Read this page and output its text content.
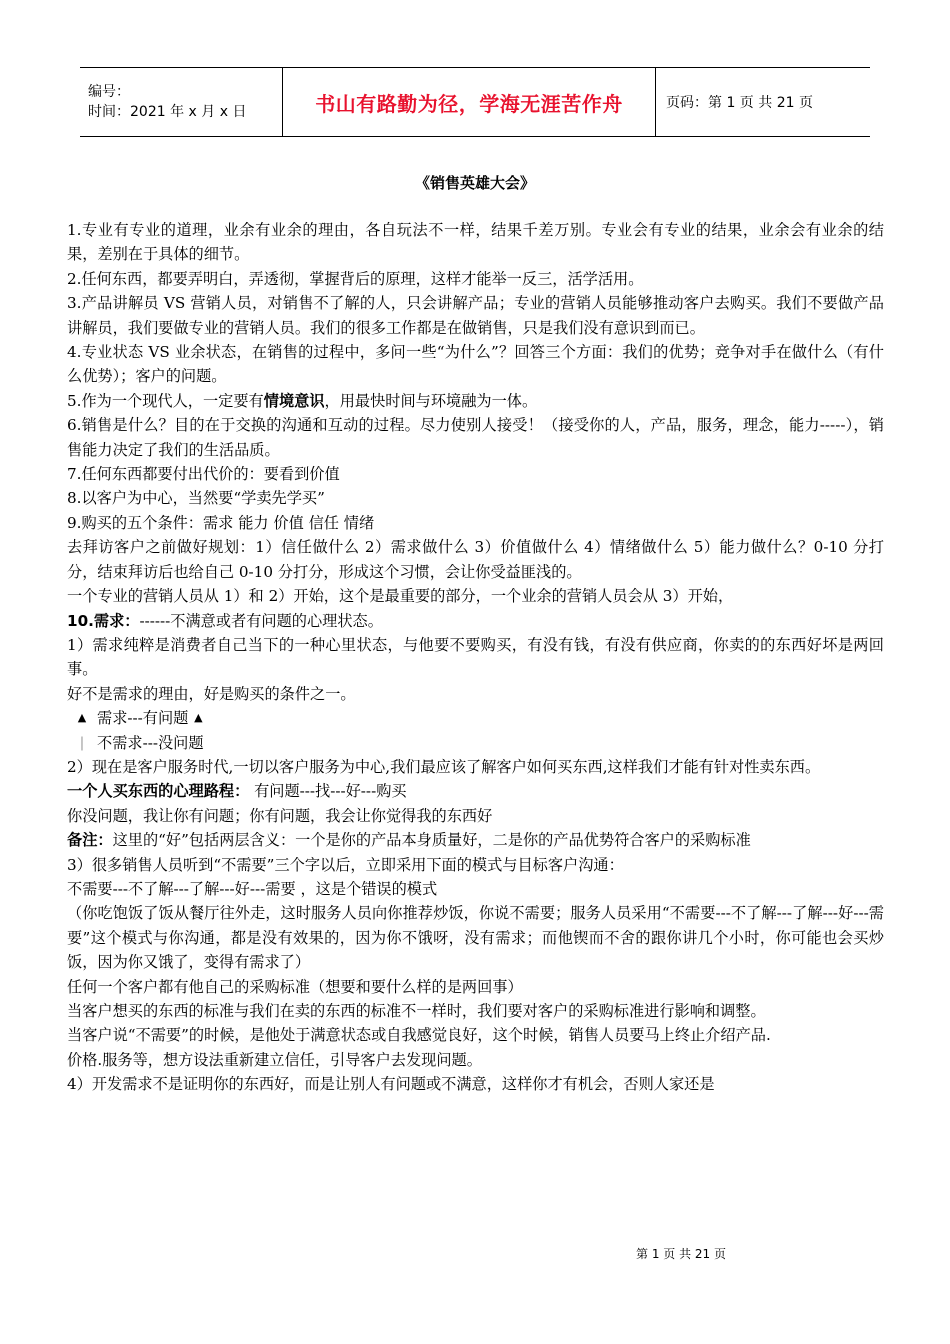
编号：
时间：2021 年 x 月 x 日	书山有路勤为径，学海无涯苦作舟	页码：第 1 页 共 21 页
《销售英雄大会》

1.专业有专业的道理，业余有业余的理由，各自玩法不一样，结果千差万别。专业会有专业的结果，业余会有业余的结果，差别在于具体的细节。

2.任何东西，都要弄明白，弄透彻，掌握背后的原理，这样才能举一反三，活学活用。

3.产品讲解员 VS 营销人员，对销售不了解的人，只会讲解产品；专业的营销人员能够推动客户去购买。我们不要做产品讲解员，我们要做专业的营销人员。我们的很多工作都是在做销售，只是我们没有意识到而已。

4.专业状态 VS 业余状态，在销售的过程中，多问一些“为什么”？回答三个方面：我们的优势；竞争对手在做什么（有什么优势）；客户的问题。

5.作为一个现代人，一定要有情境意识，用最快时间与环境融为一体。

6.销售是什么？目的在于交换的沟通和互动的过程。尽力使别人接受！（接受你的人，产品，服务，理念，能力-----），销售能力决定了我们的生活品质。

7.任何东西都要付出代价的：要看到价值

8.以客户为中心，当然要“学卖先学买”

9.购买的五个条件：需求 能力 价值 信任 情绪

去拜访客户之前做好规划：1）信任做什么 2）需求做什么 3）价值做什么 4）情绪做什么 5）能力做什么？0-10 分打分，结束拜访后也给自己 0-10 分打分，形成这个习惯，会让你受益匪浅的。

一个专业的营销人员从 1）和 2）开始，这个是最重要的部分，一个业余的营销人员会从 3）开始，

10.需求：------不满意或者有问题的心理状态。

1）需求纯粹是消费者自己当下的一种心里状态，与他要不要购买，有没有钱，有没有供应商，你卖的的东西好坏是两回事。

好不是需求的理由，好是购买的条件之一。

▲ 需求---有问题 ▲

| 不需求---没问题

2）现在是客户服务时代,一切以客户服务为中心,我们最应该了解客户如何买东西,这样我们才能有针对性卖东西。

一个人买东西的心理路程： 有问题---找---好---购买

你没问题，我让你有问题；你有问题，我会让你觉得我的东西好

备注：这里的“好”包括两层含义：一个是你的产品本身质量好，二是你的产品优势符合客户的采购标准

3）很多销售人员听到“不需要”三个字以后，立即采用下面的模式与目标客户沟通：

不需要---不了解---了解---好---需要 ，这是个错误的模式

（你吃饱饭了饭从餐厅往外走，这时服务人员向你推荐炒饭，你说不需要；服务人员采用“不需要---不了解---了解---好---需要”这个模式与你沟通，都是没有效果的，因为你不饿呀，没有需求；而他锲而不舍的跟你讲几个小时，你可能也会买炒饭，因为你又饿了，变得有需求了）

任何一个客户都有他自己的采购标准（想要和要什么样的是两回事）

当客户想买的东西的标准与我们在卖的东西的标准不一样时，我们要对客户的采购标准进行影响和调整。

当客户说“不需要”的时候，是他处于满意状态或自我感觉良好，这个时候，销售人员要马上终止介绍产品.

价格.服务等，想方设法重新建立信任，引导客户去发现问题。

4）开发需求不是证明你的东西好，而是让别人有问题或不满意，这样你才有机会，否则人家还是

第 1 页 共 21 页
